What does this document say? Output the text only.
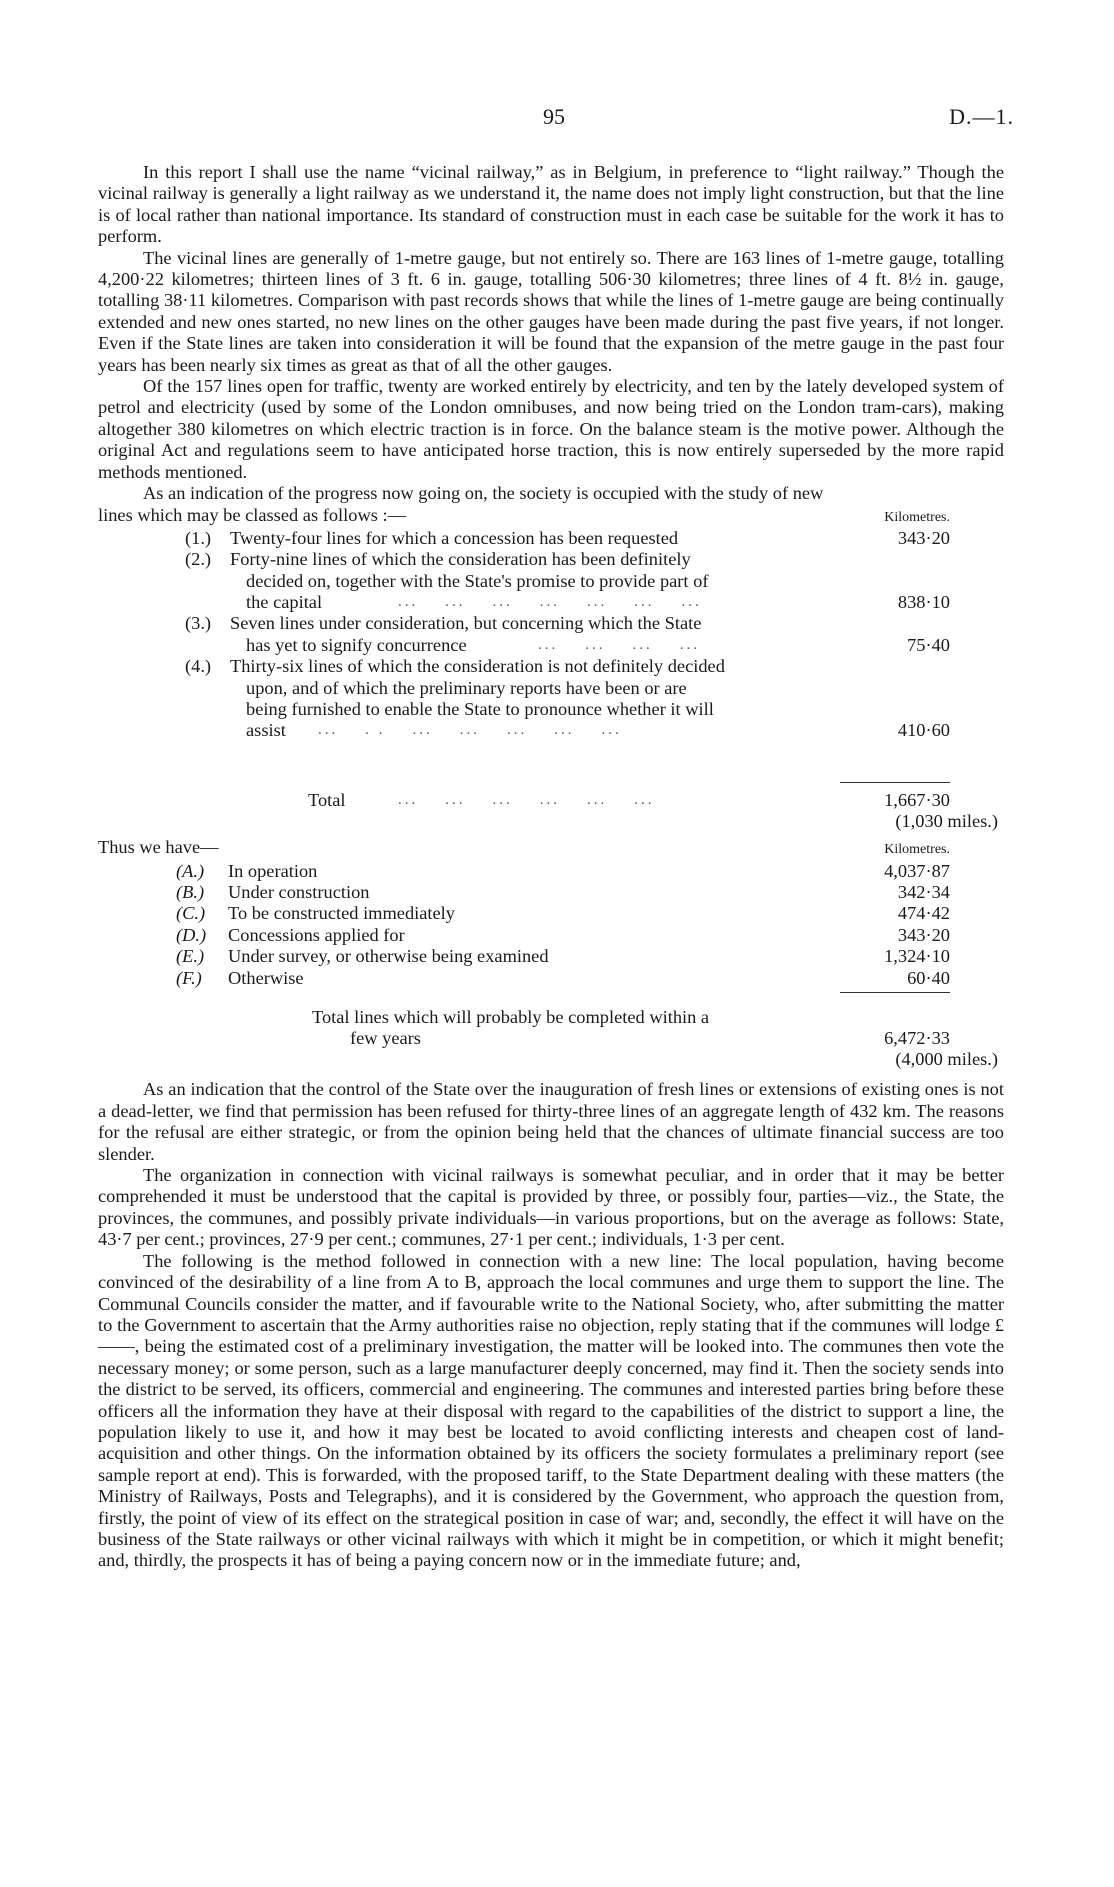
95	D.—1.

In this report I shall use the name “vicinal railway,” as in Belgium, in preference to “light railway.” Though the vicinal railway is generally a light railway as we understand it, the name does not imply light construction, but that the line is of local rather than national importance. Its standard of construction must in each case be suitable for the work it has to perform.

The vicinal lines are generally of 1-metre gauge, but not entirely so. There are 163 lines of 1-metre gauge, totalling 4,200·22 kilometres; thirteen lines of 3 ft. 6 in. gauge, totalling 506·30 kilometres; three lines of 4 ft. 8½ in. gauge, totalling 38·11 kilometres. Comparison with past records shows that while the lines of 1-metre gauge are being continually extended and new ones started, no new lines on the other gauges have been made during the past five years, if not longer. Even if the State lines are taken into consideration it will be found that the expansion of the metre gauge in the past four years has been nearly six times as great as that of all the other gauges.

Of the 157 lines open for traffic, twenty are worked entirely by electricity, and ten by the lately developed system of petrol and electricity (used by some of the London omnibuses, and now being tried on the London tram-cars), making altogether 380 kilometres on which electric traction is in force. On the balance steam is the motive power. Although the original Act and regulations seem to have anticipated horse traction, this is now entirely superseded by the more rapid methods mentioned.

As an indication of the progress now going on, the society is occupied with the study of new

lines which may be classed as follows :—	Kilometres.
(1.) Twenty-four lines for which a concession has been requested	343·20
(2.) Forty-nine lines of which the consideration has been definitely
decided on, together with the State's promise to provide part of
the capital	...    ...    ...    ...    ...    ...    ...	838·10
(3.) Seven lines under consideration, but concerning which the State
has yet to signify concurrence	...    ...    ...    ...	75·40
(4.) Thirty-six lines of which the consideration is not definitely decided
upon, and of which the preliminary reports have been or are
being furnished to enable the State to pronounce whether it will
assist	...    . .    ...    ...    ...    ...    ...	410·60
Total	...    ...    ...    ...    ...    ...	1,667·30
(1,030 miles.)
Thus we have—	Kilometres.
(A.) In operation	4,037·87
(B.) Under construction	342·34
(C.) To be constructed immediately	474·42
(D.) Concessions applied for	343·20
(E.) Under survey, or otherwise being examined	1,324·10
(F.) Otherwise	60·40
Total lines which will probably be completed within a
few years	6,472·33
(4,000 miles.)

As an indication that the control of the State over the inauguration of fresh lines or extensions of existing ones is not a dead-letter, we find that permission has been refused for thirty-three lines of an aggregate length of 432 km. The reasons for the refusal are either strategic, or from the opinion being held that the chances of ultimate financial success are too slender.

The organization in connection with vicinal railways is somewhat peculiar, and in order that it may be better comprehended it must be understood that the capital is provided by three, or possibly four, parties—viz., the State, the provinces, the communes, and possibly private individuals—in various proportions, but on the average as follows: State, 43·7 per cent.; provinces, 27·9 per cent.; communes, 27·1 per cent.; individuals, 1·3 per cent.

The following is the method followed in connection with a new line: The local population, having become convinced of the desirability of a line from A to B, approach the local communes and urge them to support the line. The Communal Councils consider the matter, and if favourable write to the National Society, who, after submitting the matter to the Government to ascertain that the Army authorities raise no objection, reply stating that if the communes will lodge £——, being the estimated cost of a preliminary investigation, the matter will be looked into. The communes then vote the necessary money; or some person, such as a large manufacturer deeply concerned, may find it. Then the society sends into the district to be served, its officers, commercial and engineering. The communes and interested parties bring before these officers all the information they have at their disposal with regard to the capabilities of the district to support a line, the population likely to use it, and how it may best be located to avoid conflicting interests and cheapen cost of land-acquisition and other things. On the information obtained by its officers the society formulates a preliminary report (see sample report at end). This is forwarded, with the proposed tariff, to the State Department dealing with these matters (the Ministry of Railways, Posts and Telegraphs), and it is considered by the Government, who approach the question from, firstly, the point of view of its effect on the strategical position in case of war; and, secondly, the effect it will have on the business of the State railways or other vicinal railways with which it might be in competition, or which it might benefit; and, thirdly, the prospects it has of being a paying concern now or in the immediate future; and,
